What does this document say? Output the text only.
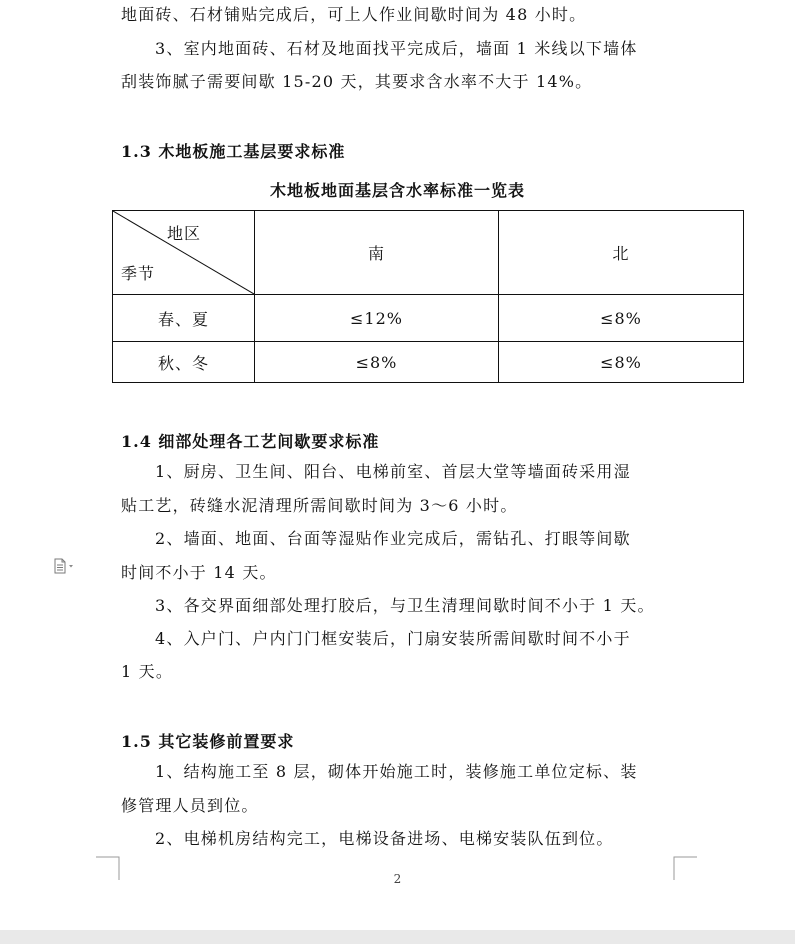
地面砖、石材铺贴完成后，可上人作业间歇时间为 48 小时。
3、室内地面砖、石材及地面找平完成后，墙面 1 米线以下墙体
刮装饰腻子需要间歇 15-20 天，其要求含水率不大于 14%。
1.3 木地板施工基层要求标准
木地板地面基层含水率标准一览表
地区
季节	南	北
春、夏	≤12%	≤8%
秋、冬	≤8%	≤8%
1.4 细部处理各工艺间歇要求标准
1、厨房、卫生间、阳台、电梯前室、首层大堂等墙面砖采用湿
贴工艺，砖缝水泥清理所需间歇时间为 3～6 小时。
2、墙面、地面、台面等湿贴作业完成后，需钻孔、打眼等间歇
时间不小于 14 天。
3、各交界面细部处理打胶后，与卫生清理间歇时间不小于 1 天。
4、入户门、户内门门框安装后，门扇安装所需间歇时间不小于
1 天。
1.5 其它装修前置要求
1、结构施工至 8 层，砌体开始施工时，装修施工单位定标、装
修管理人员到位。
2、电梯机房结构完工，电梯设备进场、电梯安装队伍到位。
2
